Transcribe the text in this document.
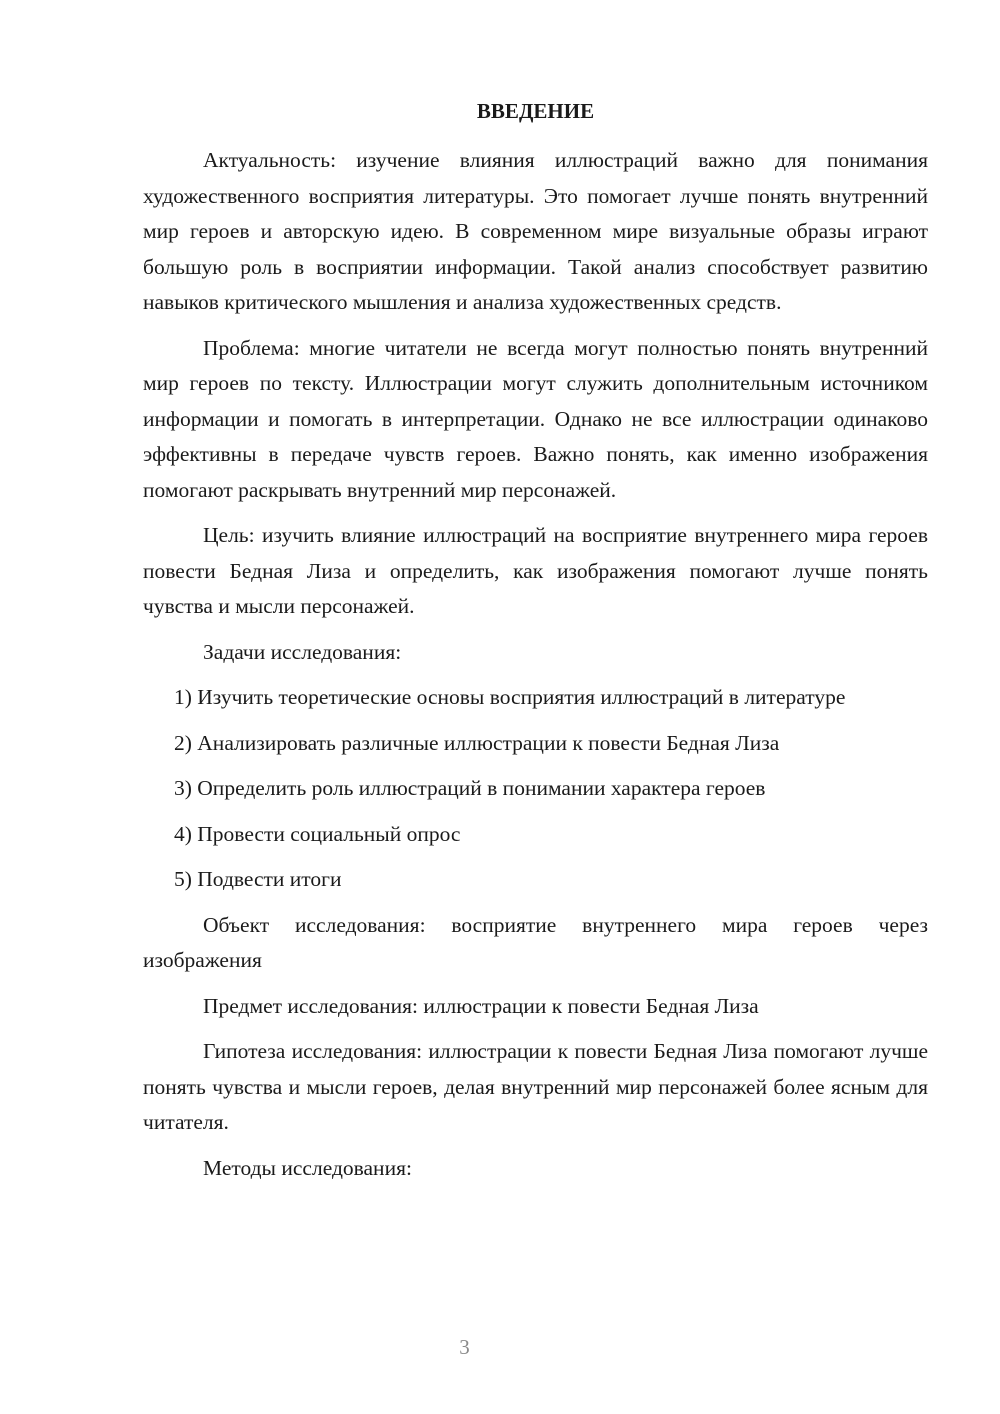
ВВЕДЕНИЕ

Актуальность: изучение влияния иллюстраций важно для понимания художественного восприятия литературы. Это помогает лучше понять внутренний мир героев и авторскую идею. В современном мире визуальные образы играют большую роль в восприятии информации. Такой анализ способствует развитию навыков критического мышления и анализа художественных средств.

Проблема: многие читатели не всегда могут полностью понять внутренний мир героев по тексту. Иллюстрации могут служить дополнительным источником информации и помогать в интерпретации. Однако не все иллюстрации одинаково эффективны в передаче чувств героев. Важно понять, как именно изображения помогают раскрывать внутренний мир персонажей.

Цель: изучить влияние иллюстраций на восприятие внутреннего мира героев повести Бедная Лиза и определить, как изображения помогают лучше понять чувства и мысли персонажей.

Задачи исследования:

1) Изучить теоретические основы восприятия иллюстраций в литературе

2) Анализировать различные иллюстрации к повести Бедная Лиза

3) Определить роль иллюстраций в понимании характера героев

4) Провести социальный опрос

5) Подвести итоги

Объект исследования: восприятие внутреннего мира героев через изображения

Предмет исследования: иллюстрации к повести Бедная Лиза

Гипотеза исследования: иллюстрации к повести Бедная Лиза помогают лучше понять чувства и мысли героев, делая внутренний мир персонажей более ясным для читателя.

Методы исследования:

3
